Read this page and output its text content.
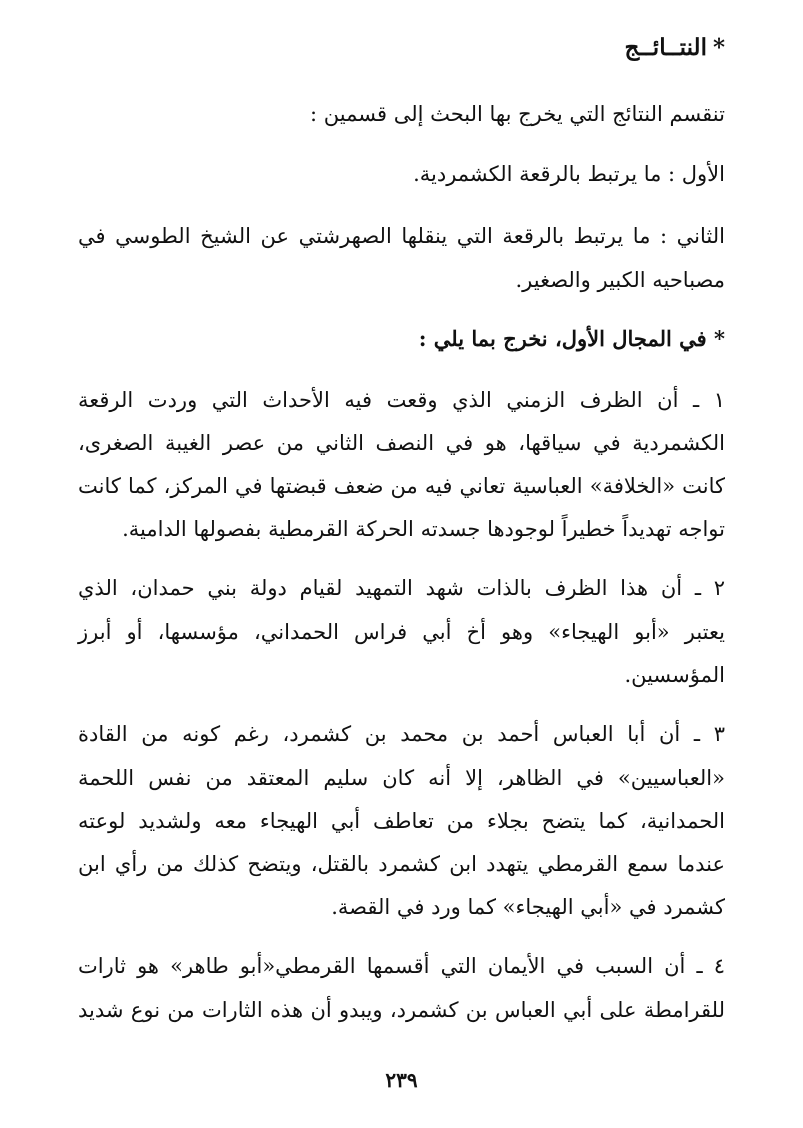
*النتــائــج
تنقسم النتائج التي يخرج بها البحث إلى قسمين :
الأول : ما يرتبط بالرقعة الكشمردية.
الثاني : ما يرتبط بالرقعة التي ينقلها الصهرشتي عن الشيخ الطوسي في
مصباحيه الكبير والصغير.
* في المجال الأول، نخرج بما يلي :
١ ـ أن الظرف الزمني الذي وقعت فيه الأحداث التي وردت الرقعة
الكشمردية في سياقها، هو في النصف الثاني من عصر الغيبة الصغرى،
كانت «الخلافة» العباسية تعاني فيه من ضعف قبضتها في المركز، كما كانت
تواجه تهديداً خطيراً لوجودها جسدته الحركة القرمطية بفصولها الدامية.
٢ ـ أن هذا الظرف بالذات شهد التمهيد لقيام دولة بني حمدان، الذي
يعتبر «أبو الهيجاء» وهو أخ أبي فراس الحمداني، مؤسسها، أو أبرز
المؤسسين.
٣ ـ أن أبا العباس أحمد بن محمد بن كشمرد، رغم كونه من القادة
«العباسيين» في الظاهر، إلا أنه كان سليم المعتقد من نفس اللحمة
الحمدانية، كما يتضح بجلاء من تعاطف أبي الهيجاء معه ولشديد لوعته
عندما سمع القرمطي يتهدد ابن كشمرد بالقتل، ويتضح كذلك من رأي ابن
كشمرد في «أبي الهيجاء» كما ورد في القصة.
٤ ـ أن السبب في الأيمان التي أقسمها القرمطي«أبو طاهر» هو ثارات
للقرامطة على أبي العباس بن كشمرد، ويبدو أن هذه الثارات من نوع شديد
٢٣٩
